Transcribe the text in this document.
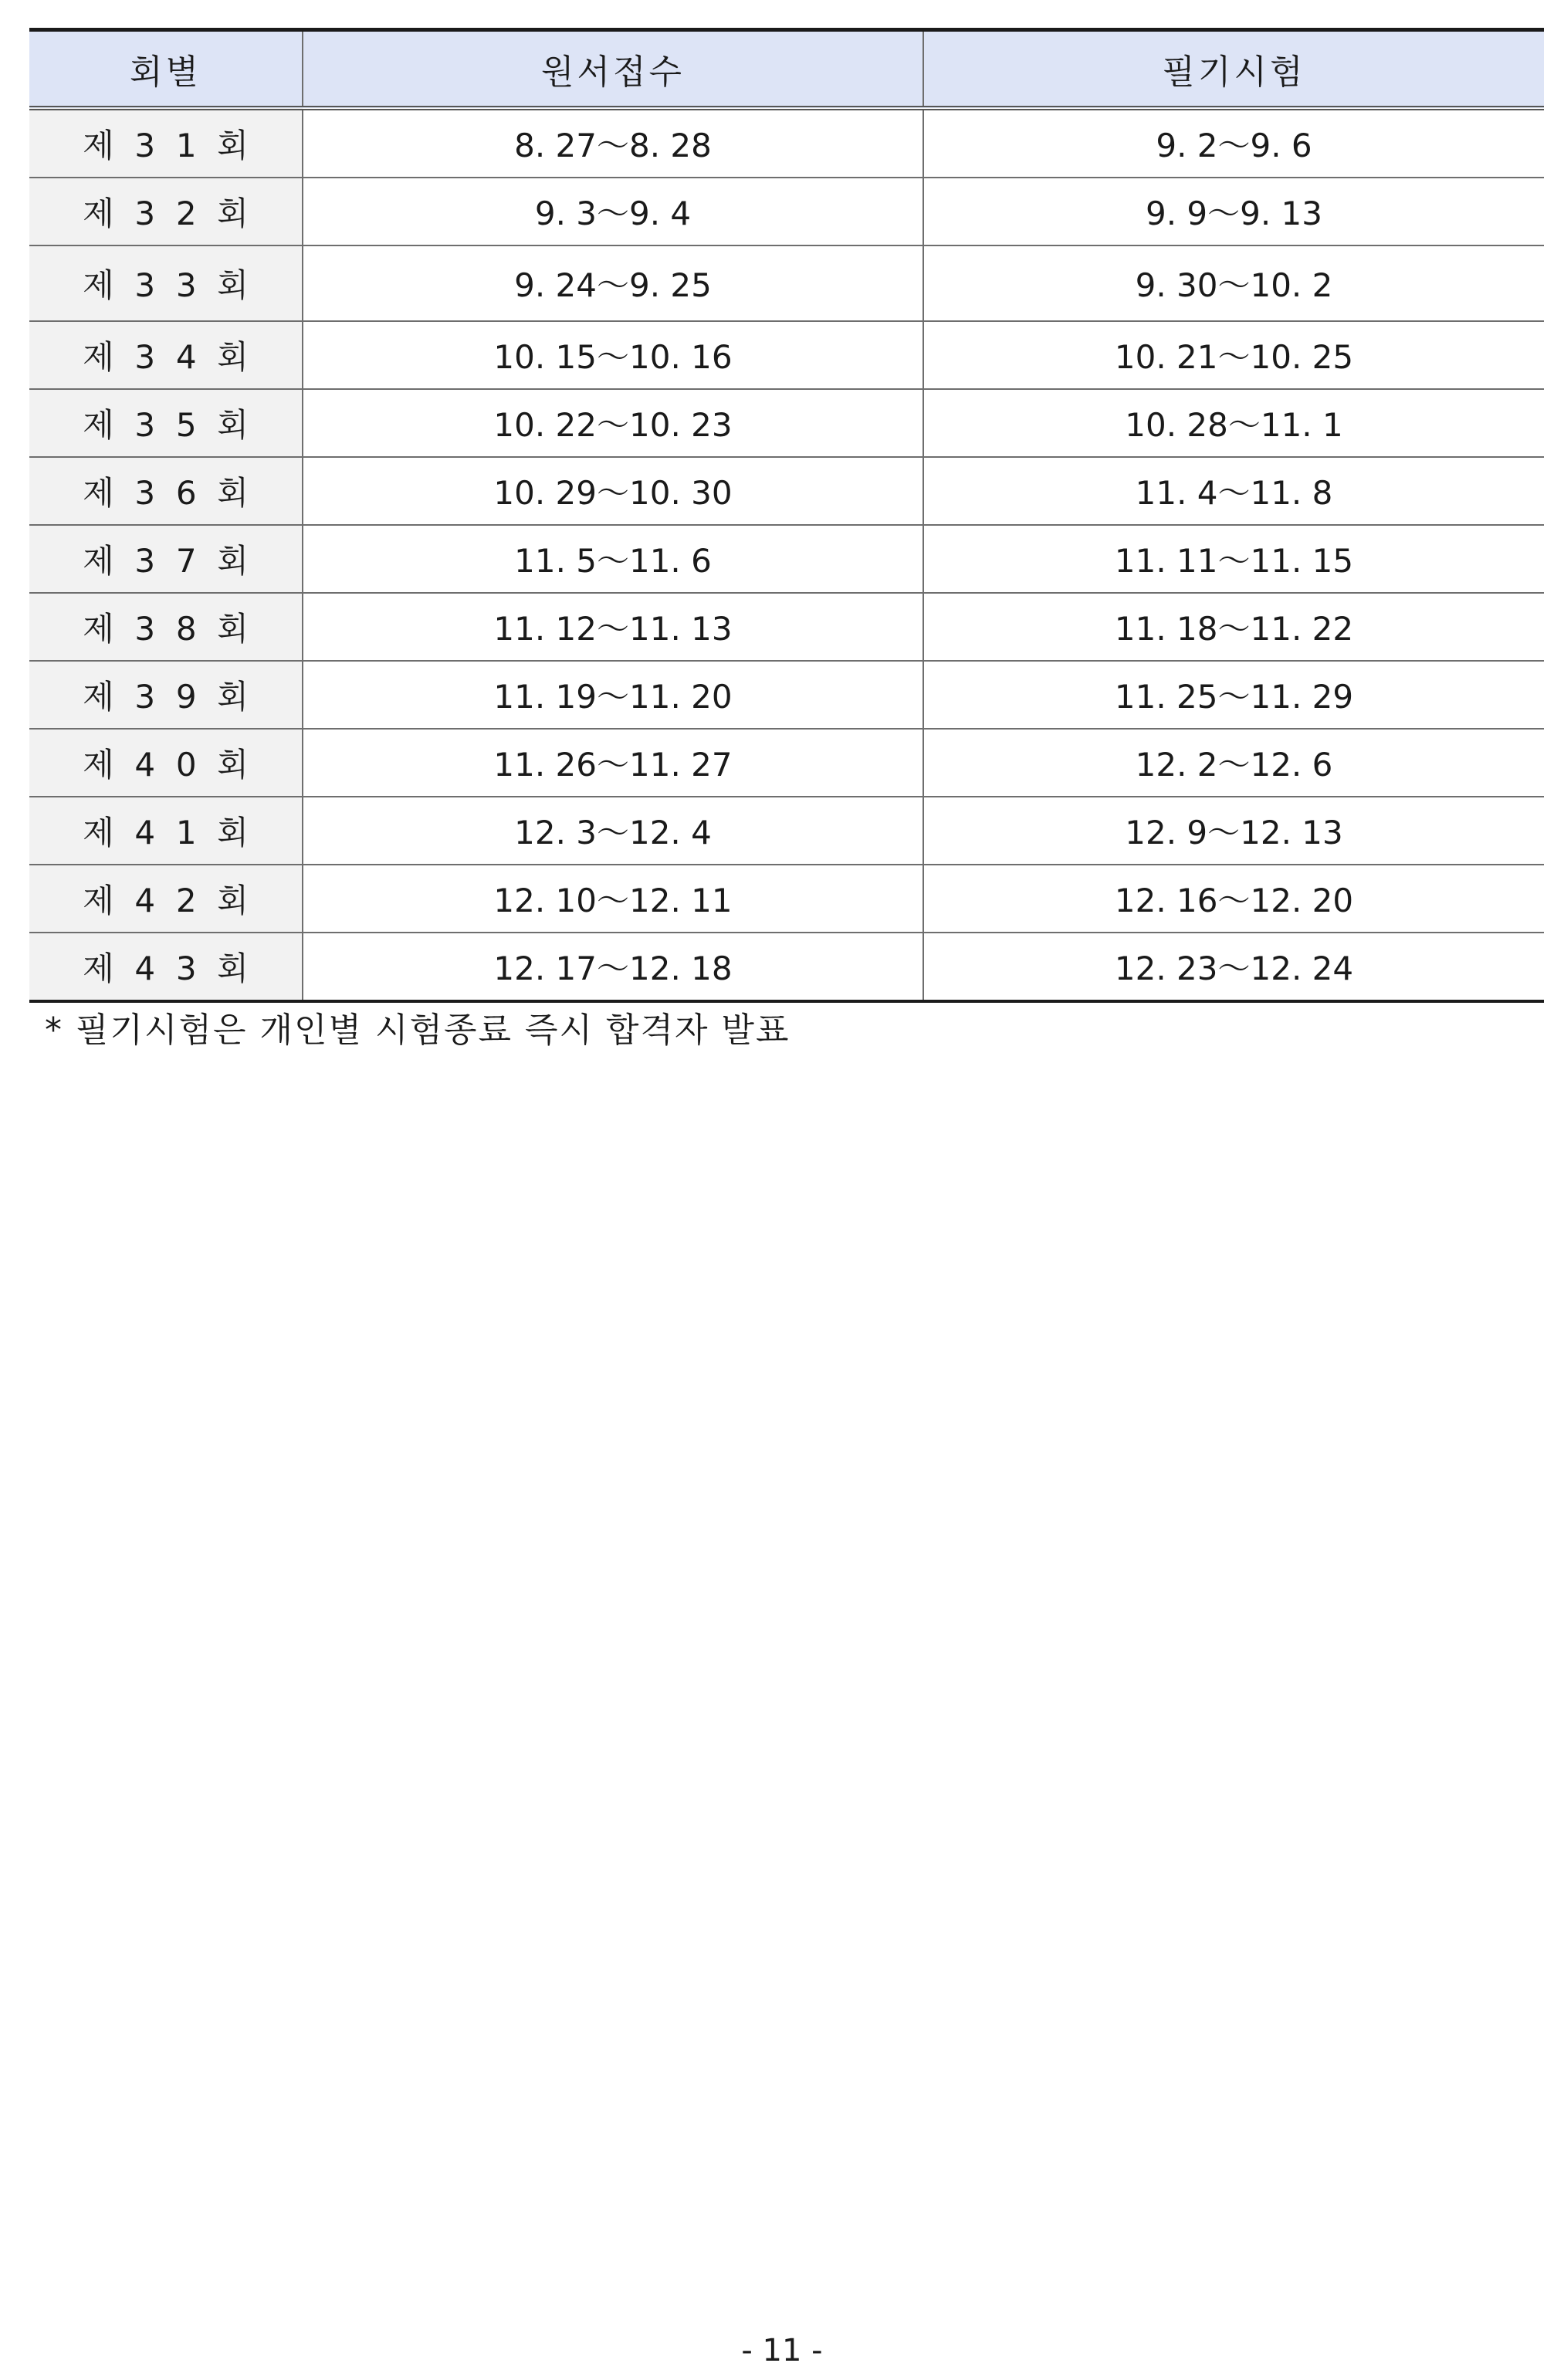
회별	원서접수	필기시험
제  3  1  회	8. 27～8. 28	9. 2～9. 6
제  3  2  회	9. 3～9. 4	9. 9～9. 13
제  3  3  회	9. 24～9. 25	9. 30～10. 2
제  3  4  회	10. 15～10. 16	10. 21～10. 25
제  3  5  회	10. 22～10. 23	10. 28～11. 1
제  3  6  회	10. 29～10. 30	11. 4～11. 8
제  3  7  회	11. 5～11. 6	11. 11～11. 15
제  3  8  회	11. 12～11. 13	11. 18～11. 22
제  3  9  회	11. 19～11. 20	11. 25～11. 29
제  4  0  회	11. 26～11. 27	12. 2～12. 6
제  4  1  회	12. 3～12. 4	12. 9～12. 13
제  4  2  회	12. 10～12. 11	12. 16～12. 20
제  4  3  회	12. 17～12. 18	12. 23～12. 24
* 필기시험은 개인별 시험종료 즉시 합격자 발표
- 11 -
